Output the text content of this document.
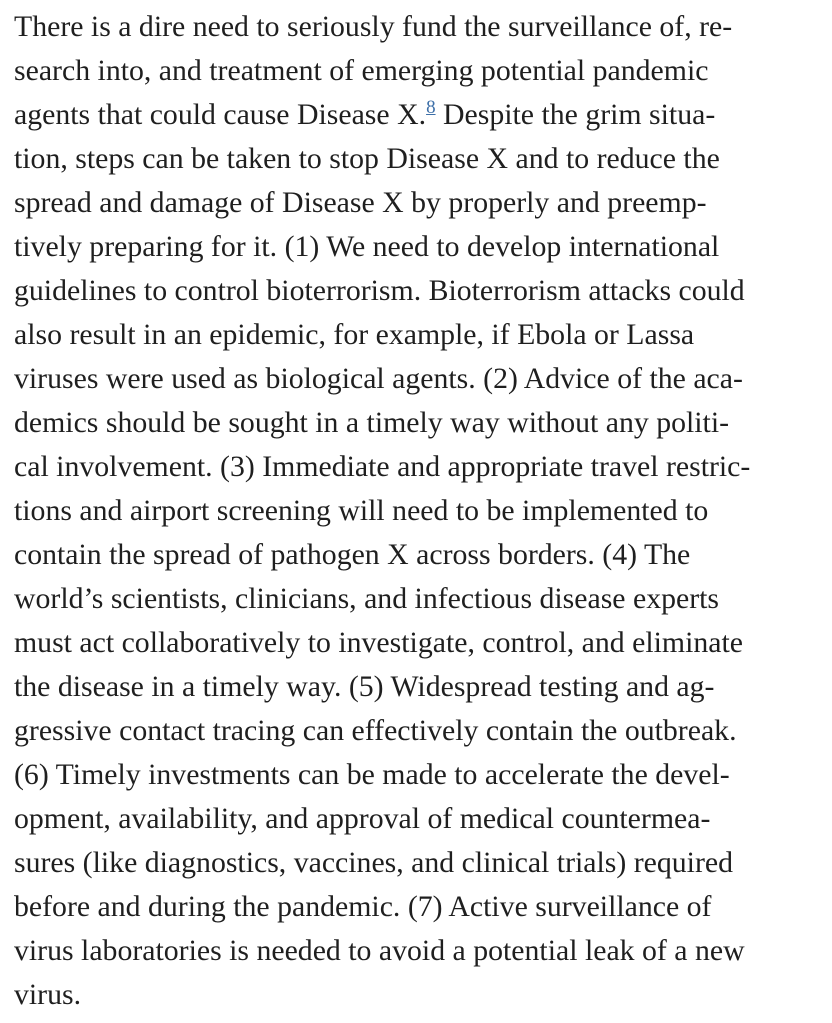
There is a dire need to seriously fund the surveillance of, re-
search into, and treatment of emerging potential pandemic
agents that could cause Disease X.$^8$ Despite the grim situa-
tion, steps can be taken to stop Disease X and to reduce the
spread and damage of Disease X by properly and preemp-
tively preparing for it. (1) We need to develop international
guidelines to control bioterrorism. Bioterrorism attacks could
also result in an epidemic, for example, if Ebola or Lassa
viruses were used as biological agents. (2) Advice of the aca-
demics should be sought in a timely way without any politi-
cal involvement. (3) Immediate and appropriate travel restric-
tions and airport screening will need to be implemented to
contain the spread of pathogen X across borders. (4) The
world’s scientists, clinicians, and infectious disease experts
must act collaboratively to investigate, control, and eliminate
the disease in a timely way. (5) Widespread testing and ag-
gressive contact tracing can effectively contain the outbreak.
(6) Timely investments can be made to accelerate the devel-
opment, availability, and approval of medical countermea-
sures (like diagnostics, vaccines, and clinical trials) required
before and during the pandemic. (7) Active surveillance of
virus laboratories is needed to avoid a potential leak of a new
virus.
